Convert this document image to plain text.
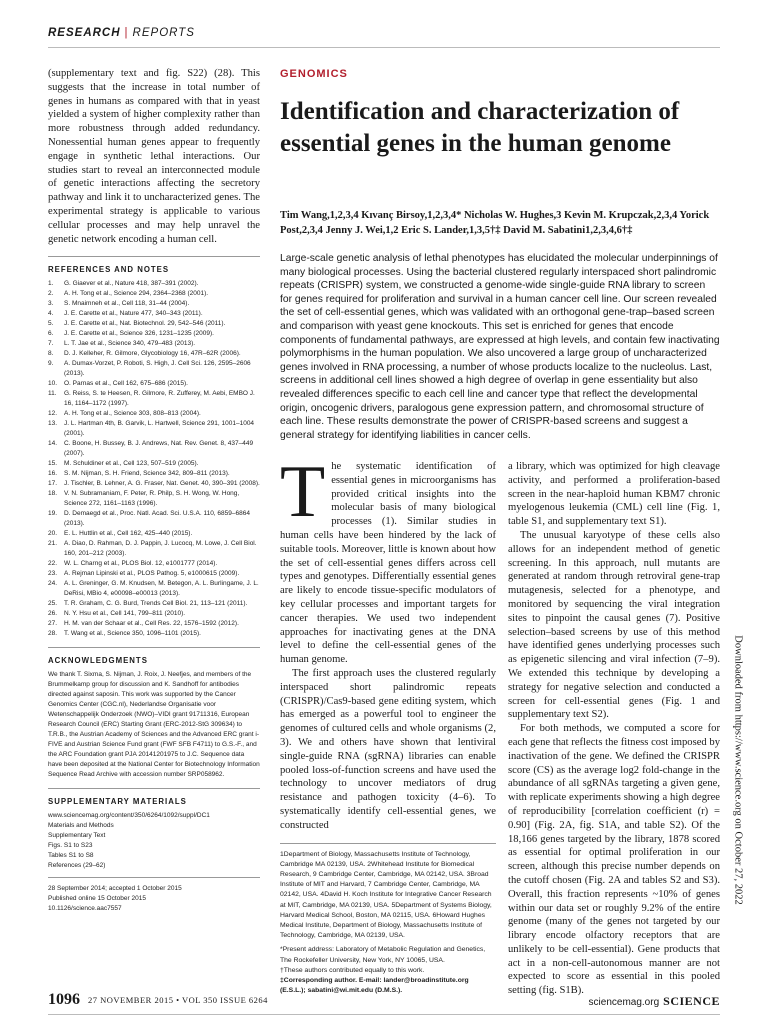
RESEARCH | REPORTS

(supplementary text and fig. S22) (28). This suggests that the increase in total number of genes in humans as compared with that in yeast yielded a system of higher complexity rather than more robustness through added redundancy. Nonessential human genes appear to frequently engage in synthetic lethal interactions. Our studies start to reveal an interconnected module of genetic interactions affecting the secretory pathway and link it to uncharacterized genes. The experimental strategy is applicable to various cellular processes and may help unravel the genetic network encoding a human cell.

REFERENCES AND NOTES

1.	G. Giaever et al., Nature 418, 387–391 (2002).
2.	A. H. Tong et al., Science 294, 2364–2368 (2001).
3.	S. Mnaimneh et al., Cell 118, 31–44 (2004).
4.	J. E. Carette et al., Nature 477, 340–343 (2011).
5.	J. E. Carette et al., Nat. Biotechnol. 29, 542–546 (2011).
6.	J. E. Carette et al., Science 326, 1231–1235 (2009).
7.	L. T. Jae et al., Science 340, 479–483 (2013).
8.	D. J. Kelleher, R. Gilmore, Glycobiology 16, 47R–62R (2006).
9.	A. Dumax-Vorzet, P. Roboti, S. High, J. Cell Sci. 126, 2595–2606 (2013).
10.	O. Parnas et al., Cell 162, 675–686 (2015).
11.	G. Reiss, S. te Heesen, R. Gilmore, R. Zufferey, M. Aebi, EMBO J. 16, 1164–1172 (1997).
12.	A. H. Tong et al., Science 303, 808–813 (2004).
13.	J. L. Hartman 4th, B. Garvik, L. Hartwell, Science 291, 1001–1004 (2001).
14.	C. Boone, H. Bussey, B. J. Andrews, Nat. Rev. Genet. 8, 437–449 (2007).
15.	M. Schuldiner et al., Cell 123, 507–519 (2005).
16.	S. M. Nijman, S. H. Friend, Science 342, 809–811 (2013).
17.	J. Tischler, B. Lehner, A. G. Fraser, Nat. Genet. 40, 390–391 (2008).
18.	V. N. Subramaniam, F. Peter, R. Philp, S. H. Wong, W. Hong, Science 272, 1161–1163 (1996).
19.	D. Demaegd et al., Proc. Natl. Acad. Sci. U.S.A. 110, 6859–6864 (2013).
20.	E. L. Huttlin et al., Cell 162, 425–440 (2015).
21.	A. Diao, D. Rahman, D. J. Pappin, J. Lucocq, M. Lowe, J. Cell Biol. 160, 201–212 (2003).
22.	W. L. Charng et al., PLOS Biol. 12, e1001777 (2014).
23.	A. Rejman Lipinski et al., PLOS Pathog. 5, e1000615 (2009).
24.	A. L. Greninger, G. M. Knudsen, M. Betegon, A. L. Burlingame, J. L. DeRisi, MBio 4, e00098–e00013 (2013).
25.	T. R. Graham, C. G. Burd, Trends Cell Biol. 21, 113–121 (2011).
26.	N. Y. Hsu et al., Cell 141, 799–811 (2010).
27.	H. M. van der Schaar et al., Cell Res. 22, 1576–1592 (2012).
28.	T. Wang et al., Science 350, 1096–1101 (2015).

ACKNOWLEDGMENTS

We thank T. Sixma, S. Nijman, J. Roix, J. Neefjes, and members of the Brummelkamp group for discussion and K. Sandhoff for antibodies directed against saposin. This work was supported by the Cancer Genomics Center (CGC.nl), Nederlandse Organisatie voor Wetenschappelijk Onderzoek (NWO)–VIDI grant 91711316, European Research Council (ERC) Starting Grant (ERC-2012-StG 309634) to T.R.B., the Austrian Academy of Sciences and the Advanced ERC grant i-FIVE and Austrian Science Fund grant (FWF SFB F4711) to G.S.-F., and the ARC Foundation grant PJA 20141201975 to J.C. Sequence data have been deposited at the National Center for Biotechnology Information Sequence Read Archive with accession number SRP058962.

SUPPLEMENTARY MATERIALS

www.sciencemag.org/content/350/6264/1092/suppl/DC1
Materials and Methods
Supplementary Text
Figs. S1 to S23
Tables S1 to S8
References (29–62)
28 September 2014; accepted 1 October 2015
Published online 15 October 2015
10.1126/science.aac7557
GENOMICS
Identification and characterization of essential genes in the human genome

Tim Wang,1,2,3,4 Kıvanç Birsoy,1,2,3,4* Nicholas W. Hughes,3 Kevin M. Krupczak,2,3,4 Yorick Post,2,3,4 Jenny J. Wei,1,2 Eric S. Lander,1,3,5†‡ David M. Sabatini1,2,3,4,6†‡

Large-scale genetic analysis of lethal phenotypes has elucidated the molecular underpinnings of many biological processes. Using the bacterial clustered regularly interspaced short palindromic repeats (CRISPR) system, we constructed a genome-wide single-guide RNA library to screen for genes required for proliferation and survival in a human cancer cell line. Our screen revealed the set of cell-essential genes, which was validated with an orthogonal gene-trap–based screen and comparison with yeast gene knockouts. This set is enriched for genes that encode components of fundamental pathways, are expressed at high levels, and contain few inactivating polymorphisms in the human population. We also uncovered a large group of uncharacterized genes involved in RNA processing, a number of whose products localize to the nucleolus. Last, screens in additional cell lines showed a high degree of overlap in gene essentiality but also revealed differences specific to each cell line and cancer type that reflect the developmental origin, oncogenic drivers, paralogous gene expression pattern, and chromosomal structure of each line. These results demonstrate the power of CRISPR-based screens and suggest a general strategy for identifying liabilities in cancer cells.

The systematic identification of essential genes in microorganisms has provided critical insights into the molecular basis of many biological processes (1). Similar studies in human cells have been hindered by the lack of suitable tools. Moreover, little is known about how the set of cell-essential genes differs across cell types and genotypes. Differentially essential genes are likely to encode tissue-specific modulators of key cellular processes and important targets for cancer therapies. We used two independent approaches for inactivating genes at the DNA level to define the cell-essential genes of the human genome.

The first approach uses the clustered regularly interspaced short palindromic repeats (CRISPR)/Cas9-based gene editing system, which has emerged as a powerful tool to engineer the genomes of cultured cells and whole organisms (2, 3). We and others have shown that lentiviral single-guide RNA (sgRNA) libraries can enable pooled loss-of-function screens and have used the technology to uncover mediators of drug resistance and pathogen toxicity (4–6). To systematically identify cell-essential genes, we constructed

1Department of Biology, Massachusetts Institute of Technology, Cambridge MA 02139, USA. 2Whitehead Institute for Biomedical Research, 9 Cambridge Center, Cambridge, MA 02142, USA. 3Broad Institute of MIT and Harvard, 7 Cambridge Center, Cambridge, MA 02142, USA. 4David H. Koch Institute for Integrative Cancer Research at MIT, Cambridge, MA 02139, USA. 5Department of Systems Biology, Harvard Medical School, Boston, MA 02115, USA. 6Howard Hughes Medical Institute, Department of Biology, Massachusetts Institute of Technology, Cambridge, MA 02139, USA.

*Present address: Laboratory of Metabolic Regulation and Genetics, The Rockefeller University, New York, NY 10065, USA.

†These authors contributed equally to this work.

‡Corresponding author. E-mail: lander@broadinstitute.org (E.S.L.); sabatini@wi.mit.edu (D.M.S.).

a library, which was optimized for high cleavage activity, and performed a proliferation-based screen in the near-haploid human KBM7 chronic myelogenous leukemia (CML) cell line (Fig. 1, table S1, and supplementary text S1).

The unusual karyotype of these cells also allows for an independent method of genetic screening. In this approach, null mutants are generated at random through retroviral gene-trap mutagenesis, selected for a phenotype, and monitored by sequencing the viral integration sites to pinpoint the causal genes (7). Positive selection–based screens by use of this method have identified genes underlying processes such as epigenetic silencing and viral infection (7–9). We extended this technique by developing a strategy for negative selection and conducted a screen for cell-essential genes (Fig. 1 and supplementary text S2).

For both methods, we computed a score for each gene that reflects the fitness cost imposed by inactivation of the gene. We defined the CRISPR score (CS) as the average log2 fold-change in the abundance of all sgRNAs targeting a given gene, with replicate experiments showing a high degree of reproducibility [correlation coefficient (r) = 0.90] (Fig. 2A, fig. S1A, and table S2). Of the 18,166 genes targeted by the library, 1878 scored as essential for optimal proliferation in our screen, although this precise number depends on the cutoff chosen (Fig. 2A and tables S2 and S3). Overall, this fraction represents ~10% of genes within our data set or roughly 9.2% of the entire genome (many of the genes not targeted by our library encode olfactory receptors that are unlikely to be cell-essential). Gene products that act in a non-cell-autonomous manner are not expected to score as essential in this pooled setting (fig. S1B).

Downloaded from https://www.science.org on October 27, 2022
1096 27 NOVEMBER 2015 • VOL 350 ISSUE 6264	sciencemag.org SCIENCE
